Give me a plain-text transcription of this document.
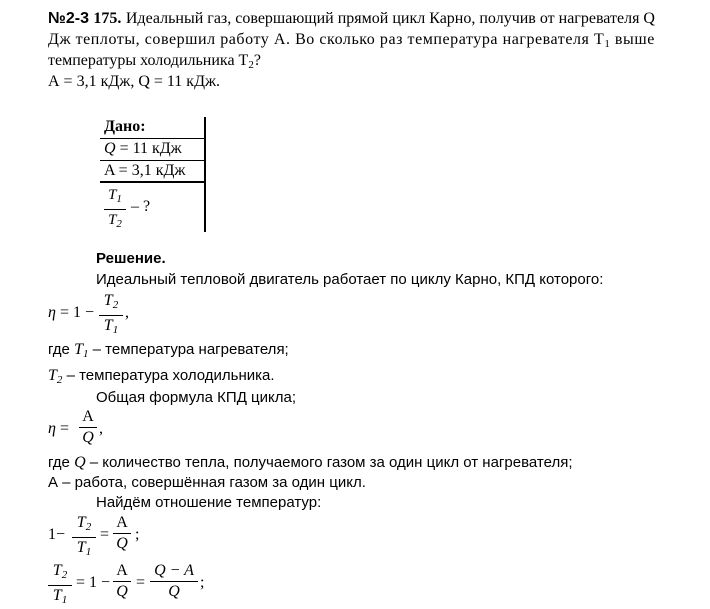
№2-3 175. Идеальный газ, совершающий прямой цикл Карно, получив от нагревателя Q
Дж теплоты, совершил работу А. Во сколько раз температура нагревателя $T_1$ выше
температуры холодильника $T_2$?
А = 3,1 кДж, Q = 11 кДж.
Дано:
Q = 11 кДж
A = 3,1 кДж
$T_1$
$T_2$
– ?
Решение.
Идеальный тепловой двигатель работает по циклу Карно, КПД которого:
η = 1 −
$T_2$
$T_1$
,
где $T_1$ – температура нагревателя;
$T_2$ – температура холодильника.
Общая формула КПД цикла;
η =
А
Q
,
где Q – количество тепла, получаемого газом за один цикл от нагревателя;
А – работа, совершённая газом за один цикл.
Найдём отношение температур:
1−
$T_2$
$T_1$
=
А
Q
;
$T_2$
$T_1$
= 1 −
А
Q
=
Q − A
Q
;
